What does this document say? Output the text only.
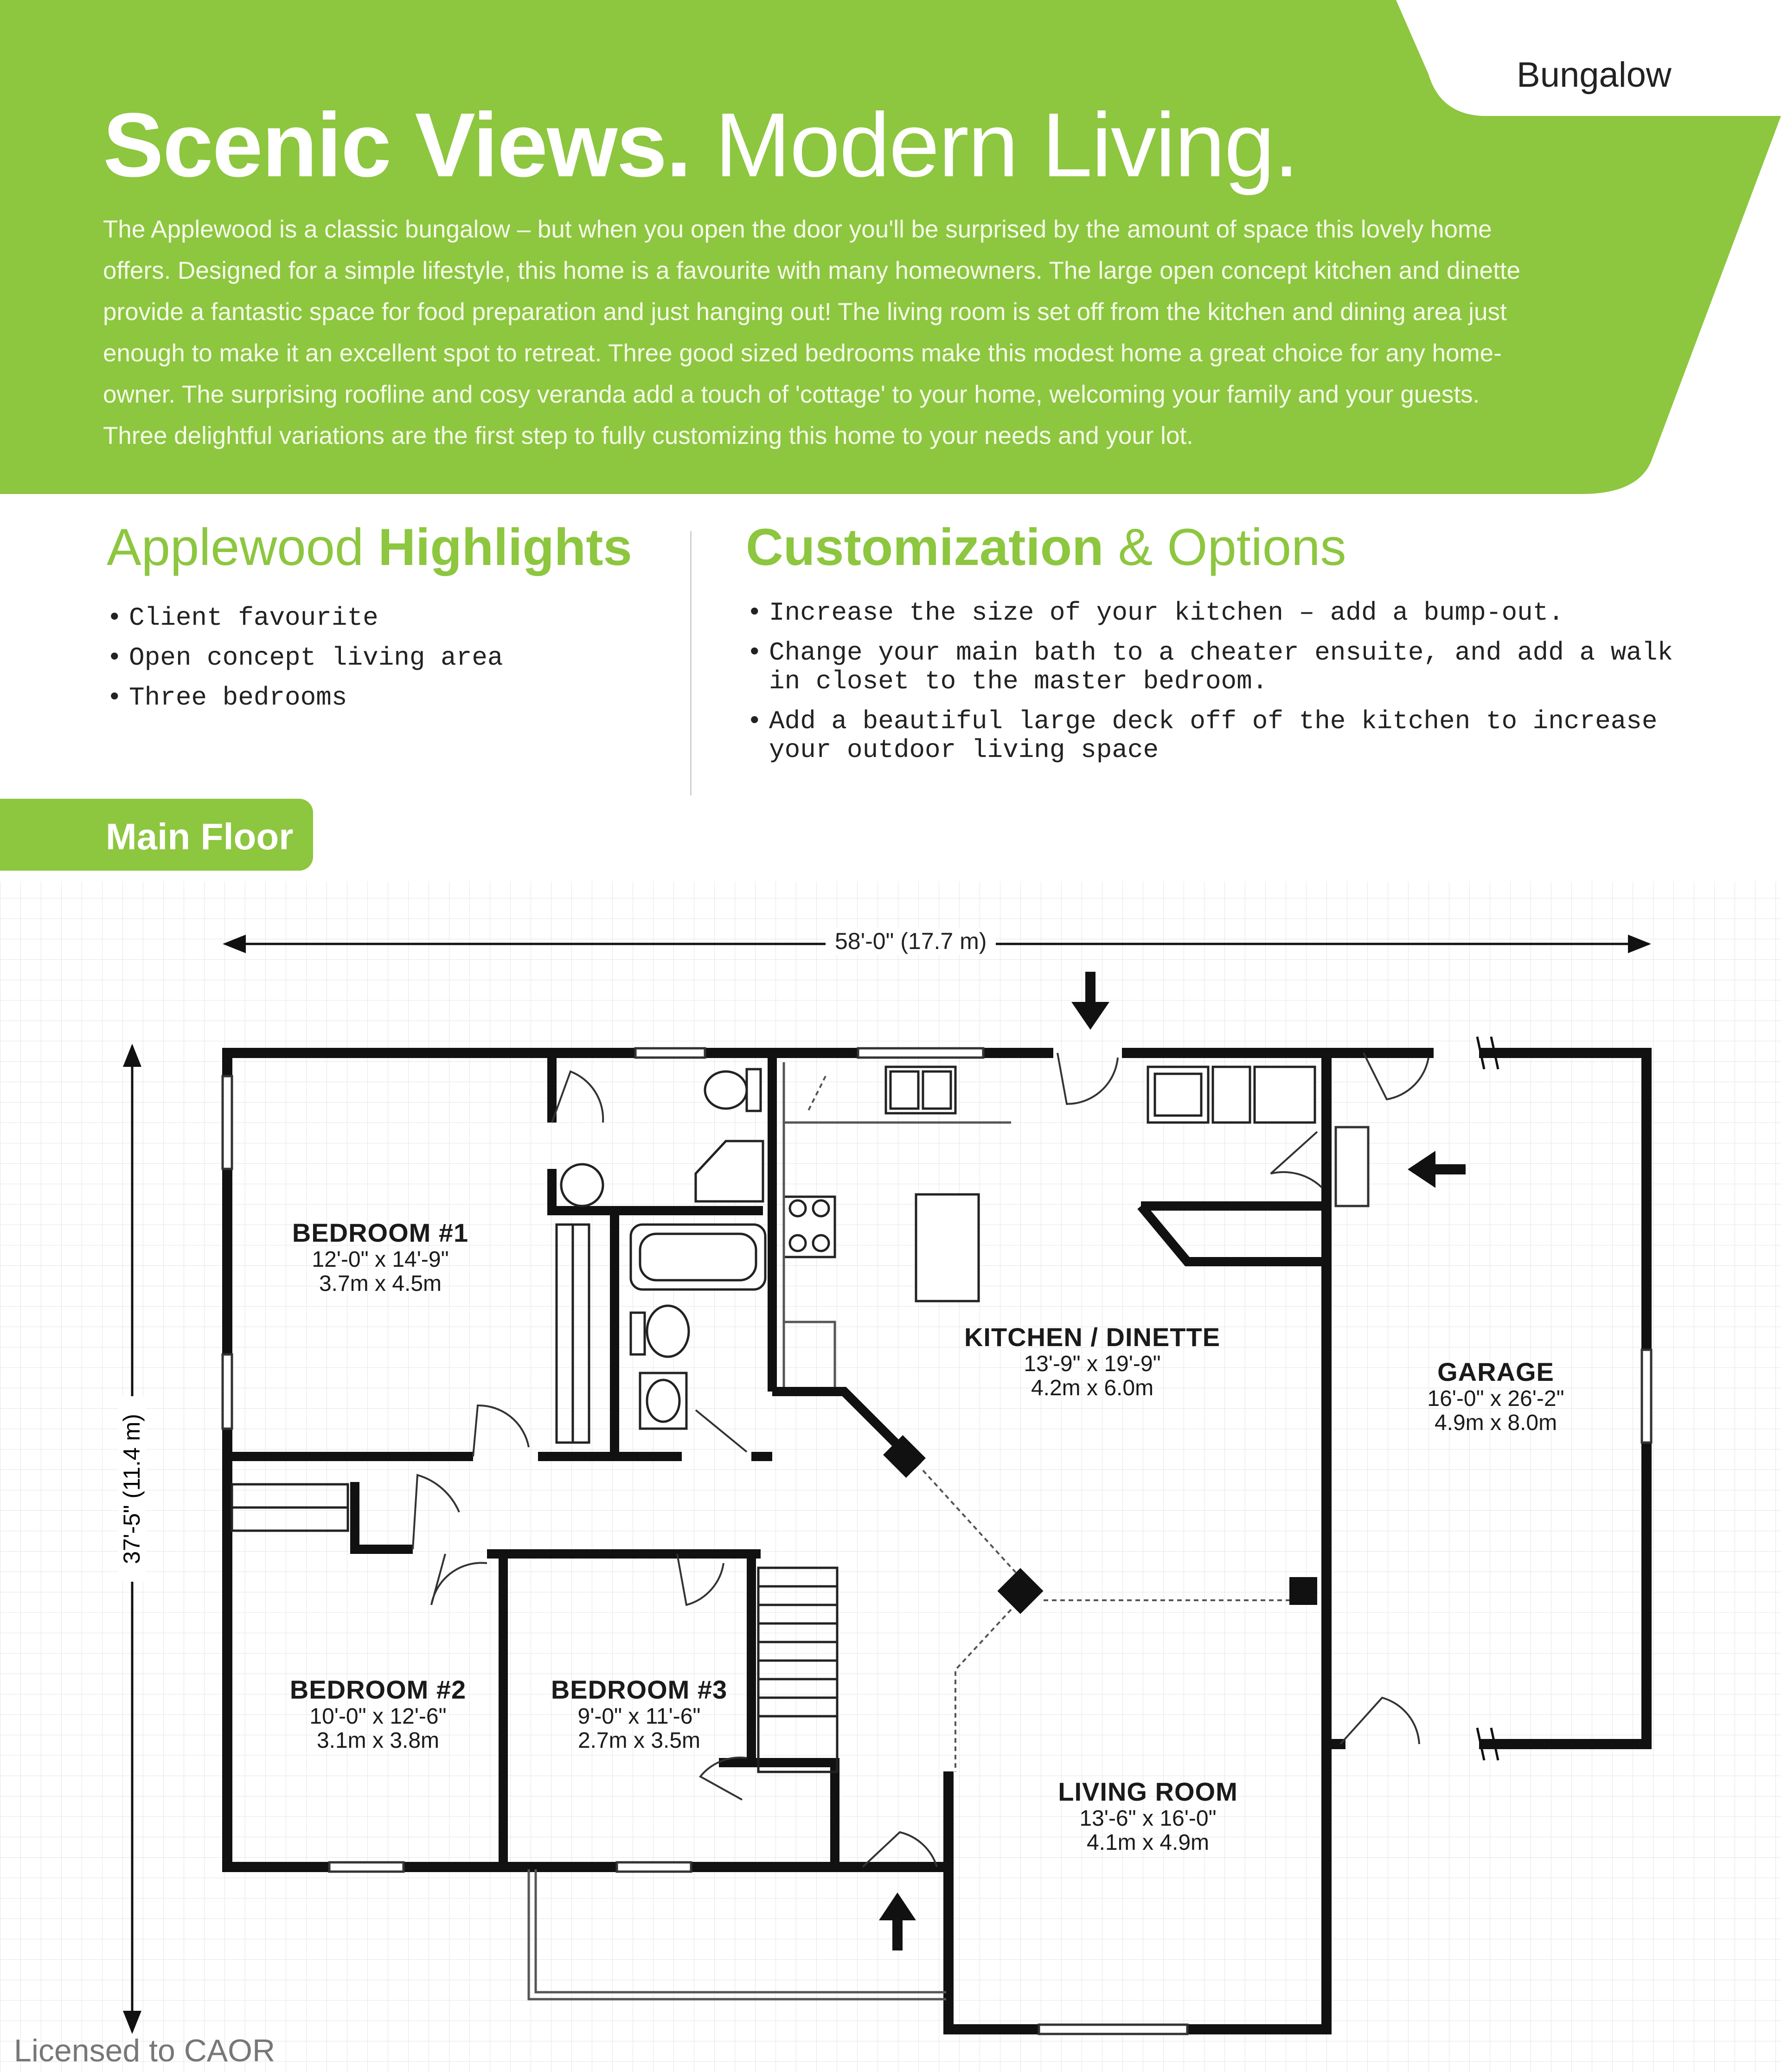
Bungalow
Scenic Views. Modern Living.

The Applewood is a classic bungalow – but when you open the door you'll be surprised by the amount of space this lovely home

offers. Designed for a simple lifestyle, this home is a favourite with many homeowners. The large open concept kitchen and dinette

provide a fantastic space for food preparation and just hanging out! The living room is set off from the kitchen and dining area just

enough to make it an excellent spot to retreat. Three good sized bedrooms make this modest home a great choice for any home-

owner. The surprising roofline and cosy veranda add a touch of 'cottage' to your home, welcoming your family and your guests.

Three delightful variations are the first step to fully customizing this home to your needs and your lot.

Applewood Highlights
• Client favourite
• Open concept living area
• Three bedrooms
Customization & Options
• Increase the size of your kitchen – add a bump-out.
• Change your main bath to a cheater ensuite, and add a walk in closet to the master bedroom.
• Add a beautiful large deck off of the kitchen to increase your outdoor living space
Main Floor
58'-0" (17.7 m)
37'-5" (11.4 m)
BEDROOM #1
12'-0" x 14'-9"
3.7m x 4.5m
KITCHEN / DINETTE
13'-9" x 19'-9"
4.2m x 6.0m
GARAGE
16'-0" x 26'-2"
4.9m x 8.0m
BEDROOM #2
10'-0" x 12'-6"
3.1m x 3.8m
BEDROOM #3
9'-0" x 11'-6"
2.7m x 3.5m
LIVING ROOM
13'-6" x 16'-0"
4.1m x 4.9m
Licensed to CAOR
